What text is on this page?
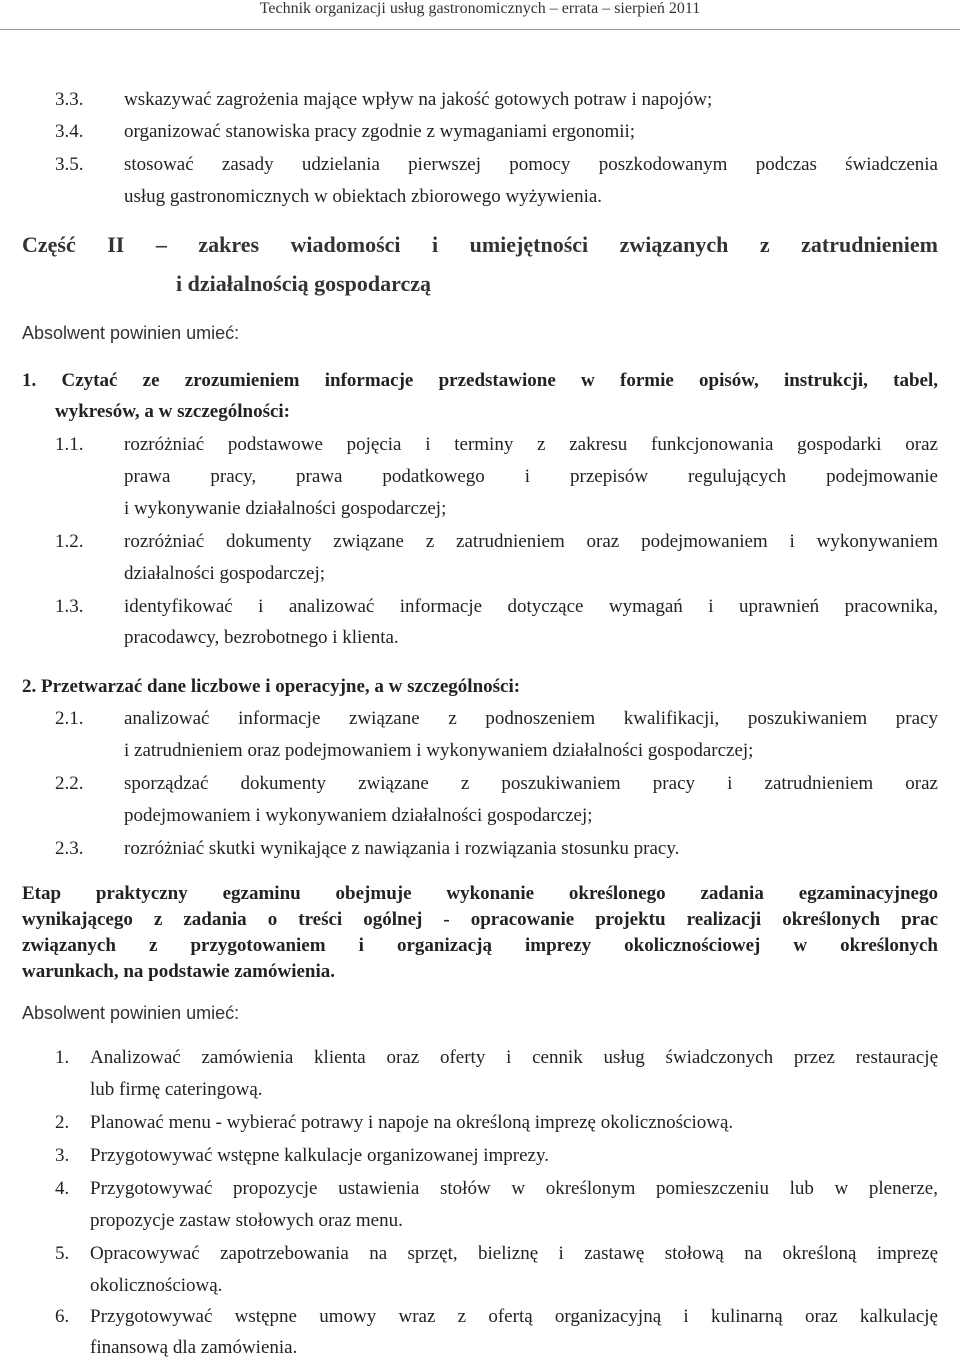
Technik organizacji usług gastronomicznych – errata – sierpień 2011
3.3. wskazywać zagrożenia mające wpływ na jakość gotowych potraw i napojów;
3.4. organizować stanowiska pracy zgodnie z wymaganiami ergonomii;
3.5. stosować zasady udzielania pierwszej pomocy poszkodowanym podczas świadczenia
usług gastronomicznych w obiektach zbiorowego wyżywienia.
Część II – zakres wiadomości i umiejętności związanych z zatrudnieniem
i działalnością gospodarczą
Absolwent powinien umieć:
1. Czytać ze zrozumieniem informacje przedstawione w formie opisów, instrukcji, tabel,
wykresów, a w szczególności:
1.1. rozróżniać podstawowe pojęcia i terminy z zakresu funkcjonowania gospodarki oraz
prawa pracy, prawa podatkowego i przepisów regulujących podejmowanie
i wykonywanie działalności gospodarczej;
1.2. rozróżniać dokumenty związane z zatrudnieniem oraz podejmowaniem i wykonywaniem
działalności gospodarczej;
1.3. identyfikować i analizować informacje dotyczące wymagań i uprawnień pracownika,
pracodawcy, bezrobotnego i klienta.
2. Przetwarzać dane liczbowe i operacyjne, a w szczególności:
2.1. analizować informacje związane z podnoszeniem kwalifikacji, poszukiwaniem pracy
i zatrudnieniem oraz podejmowaniem i wykonywaniem działalności gospodarczej;
2.2. sporządzać dokumenty związane z poszukiwaniem pracy i zatrudnieniem oraz
podejmowaniem i wykonywaniem działalności gospodarczej;
2.3. rozróżniać skutki wynikające z nawiązania i rozwiązania stosunku pracy.
Etap praktyczny egzaminu obejmuje wykonanie określonego zadania egzaminacyjnego
wynikającego z zadania o treści ogólnej - opracowanie projektu realizacji określonych prac
związanych z przygotowaniem i organizacją imprezy okolicznościowej w określonych
warunkach, na podstawie zamówienia.
Absolwent powinien umieć:
1. Analizować zamówienia klienta oraz oferty i cennik usług świadczonych przez restaurację
lub firmę cateringową.
2. Planować menu - wybierać potrawy i napoje na określoną imprezę okolicznościową.
3. Przygotowywać wstępne kalkulacje organizowanej imprezy.
4. Przygotowywać propozycje ustawienia stołów w określonym pomieszczeniu lub w plenerze,
propozycje zastaw stołowych oraz menu.
5. Opracowywać zapotrzebowania na sprzęt, bieliznę i zastawę stołową na określoną imprezę
okolicznościową.
6. Przygotowywać wstępne umowy wraz z ofertą organizacyjną i kulinarną oraz kalkulację
finansową dla zamówienia.
